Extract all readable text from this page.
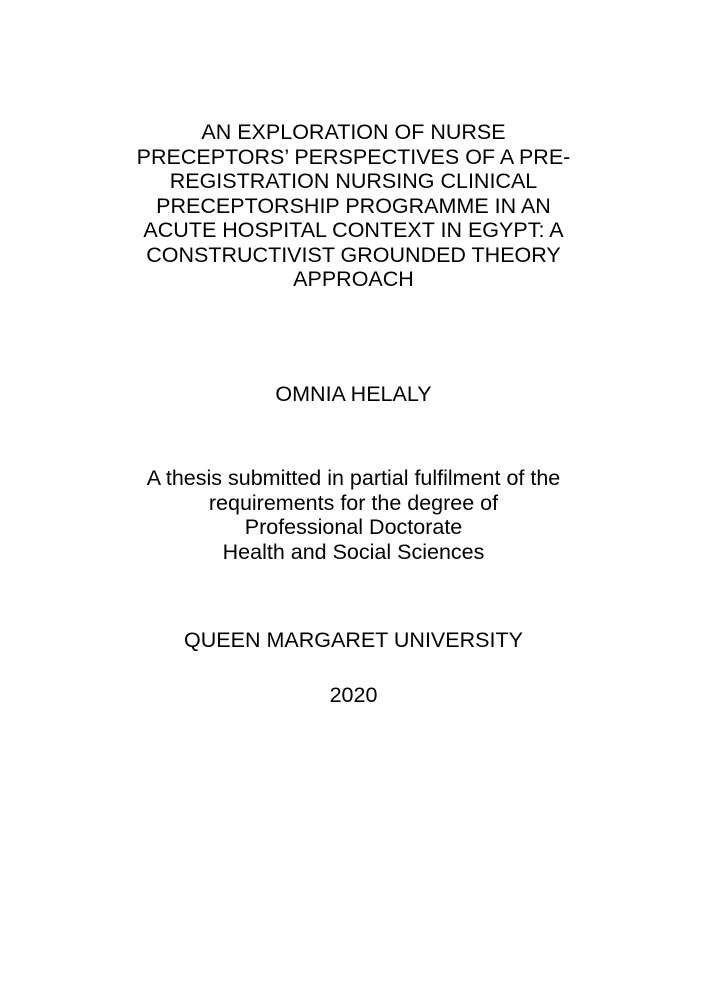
AN EXPLORATION OF NURSE
PRECEPTORS’ PERSPECTIVES OF A PRE-
REGISTRATION NURSING CLINICAL
PRECEPTORSHIP PROGRAMME IN AN
ACUTE HOSPITAL CONTEXT IN EGYPT: A
CONSTRUCTIVIST GROUNDED THEORY
APPROACH
OMNIA HELALY
A thesis submitted in partial fulfilment of the
requirements for the degree of
Professional Doctorate
Health and Social Sciences
QUEEN MARGARET UNIVERSITY
2020
